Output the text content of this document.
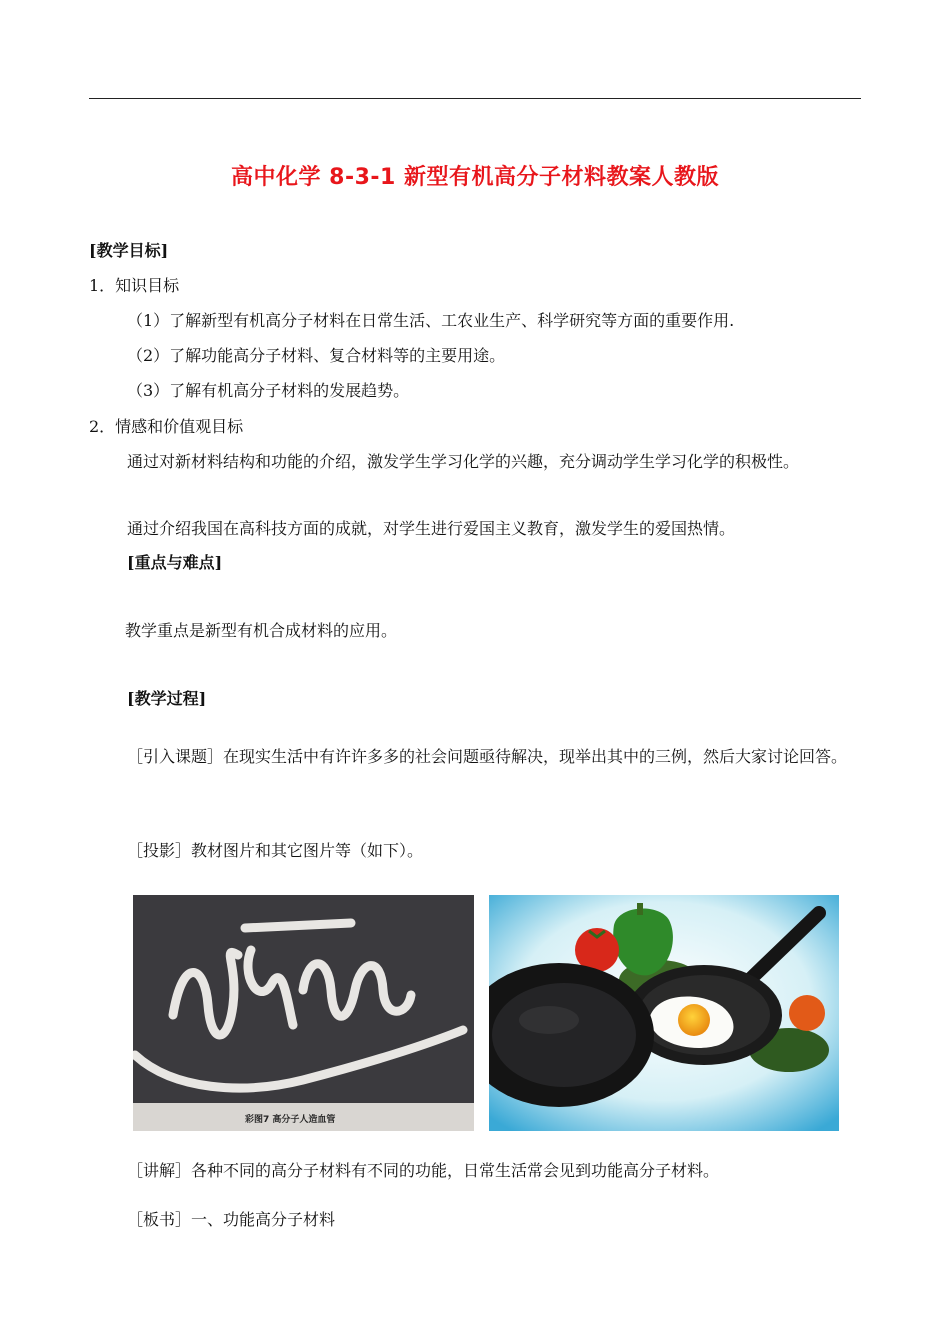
高中化学 8-3-1 新型有机高分子材料教案人教版
[教学目标]
1．知识目标
（1）了解新型有机高分子材料在日常生活、工农业生产、科学研究等方面的重要作用.
（2）了解功能高分子材料、复合材料等的主要用途。
（3）了解有机高分子材料的发展趋势。
2．情感和价值观目标
通过对新材料结构和功能的介绍，激发学生学习化学的兴趣，充分调动学生学习化学的积极性。
通过介绍我国在高科技方面的成就，对学生进行爱国主义教育，激发学生的爱国热情。
[重点与难点]
教学重点是新型有机合成材料的应用。
[教学过程]
［引入课题］在现实生活中有许许多多的社会问题亟待解决，现举出其中的三例，然后大家讨论回答。
［投影］教材图片和其它图片等（如下）。
彩图7 高分子人造血管
［讲解］各种不同的高分子材料有不同的功能，日常生活常会见到功能高分子材料。
［板书］一、功能高分子材料
